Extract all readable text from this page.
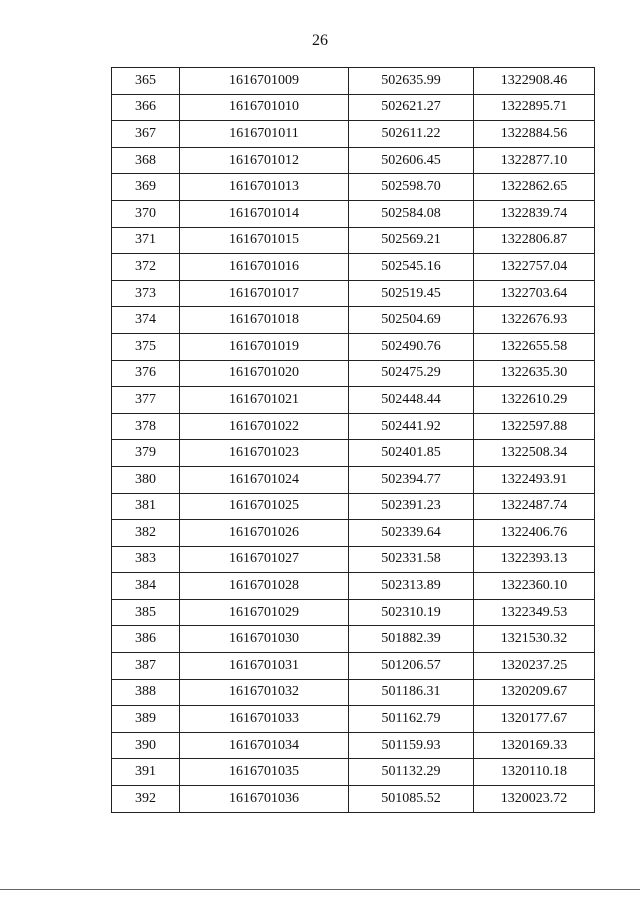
26
365	1616701009	502635.99	1322908.46
366	1616701010	502621.27	1322895.71
367	1616701011	502611.22	1322884.56
368	1616701012	502606.45	1322877.10
369	1616701013	502598.70	1322862.65
370	1616701014	502584.08	1322839.74
371	1616701015	502569.21	1322806.87
372	1616701016	502545.16	1322757.04
373	1616701017	502519.45	1322703.64
374	1616701018	502504.69	1322676.93
375	1616701019	502490.76	1322655.58
376	1616701020	502475.29	1322635.30
377	1616701021	502448.44	1322610.29
378	1616701022	502441.92	1322597.88
379	1616701023	502401.85	1322508.34
380	1616701024	502394.77	1322493.91
381	1616701025	502391.23	1322487.74
382	1616701026	502339.64	1322406.76
383	1616701027	502331.58	1322393.13
384	1616701028	502313.89	1322360.10
385	1616701029	502310.19	1322349.53
386	1616701030	501882.39	1321530.32
387	1616701031	501206.57	1320237.25
388	1616701032	501186.31	1320209.67
389	1616701033	501162.79	1320177.67
390	1616701034	501159.93	1320169.33
391	1616701035	501132.29	1320110.18
392	1616701036	501085.52	1320023.72
